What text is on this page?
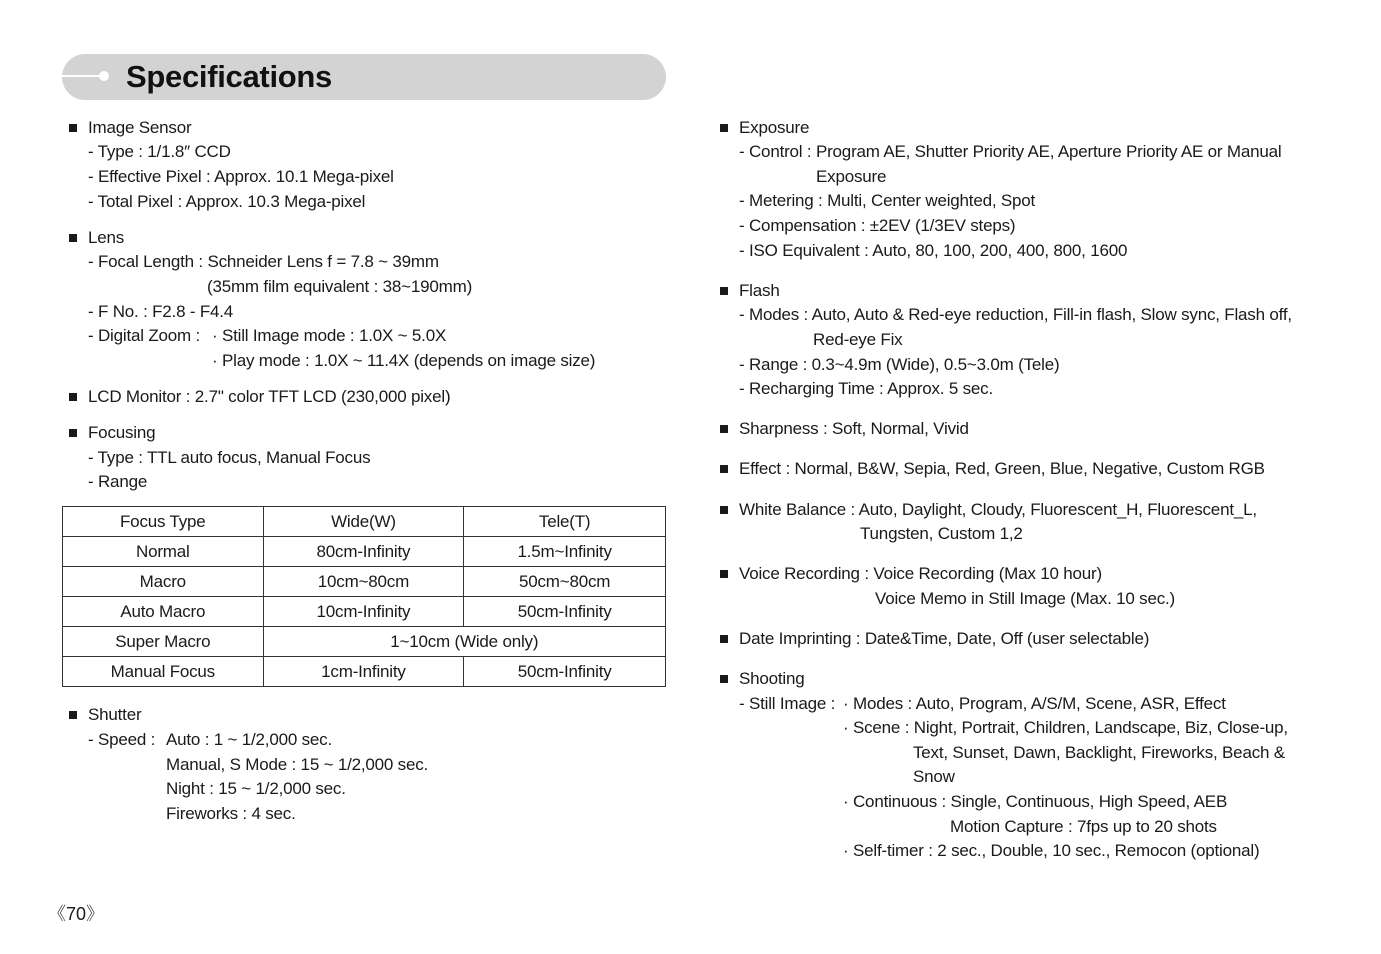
Specifications
Image Sensor
- Type : 1/1.8″ CCD
- Effective Pixel : Approx. 10.1 Mega-pixel
- Total Pixel : Approx. 10.3 Mega-pixel
Lens
- Focal Length : Schneider Lens f = 7.8 ~ 39mm
(35mm film equivalent : 38~190mm)
- F No. : F2.8 - F4.4
- Digital Zoom : · Still Image mode : 1.0X ~ 5.0X
· Play mode : 1.0X ~ 11.4X (depends on image size)
LCD Monitor : 2.7" color TFT LCD (230,000 pixel)
Focusing
- Type : TTL auto focus, Manual Focus
- Range
Focus Type	Wide(W)	Tele(T)
Normal	80cm-Infinity	1.5m~Infinity
Macro	10cm~80cm	50cm~80cm
Auto Macro	10cm-Infinity	50cm-Infinity
Super Macro	1~10cm (Wide only)	
Manual Focus	1cm-Infinity	50cm-Infinity
Shutter
- Speed : Auto : 1 ~ 1/2,000 sec.
Manual, S Mode : 15 ~ 1/2,000 sec.
Night : 15 ~ 1/2,000 sec.
Fireworks : 4 sec.
《70》
Exposure
- Control : Program AE, Shutter Priority AE, Aperture Priority AE or Manual
Exposure
- Metering : Multi, Center weighted, Spot
- Compensation : ±2EV (1/3EV steps)
- ISO Equivalent : Auto, 80, 100, 200, 400, 800, 1600
Flash
- Modes : Auto, Auto & Red-eye reduction, Fill-in flash, Slow sync, Flash off,
Red-eye Fix
- Range : 0.3~4.9m (Wide), 0.5~3.0m (Tele)
- Recharging Time : Approx. 5 sec.
Sharpness : Soft, Normal, Vivid
Effect : Normal, B&W, Sepia, Red, Green, Blue, Negative, Custom RGB
White Balance : Auto, Daylight, Cloudy, Fluorescent_H, Fluorescent_L,
Tungsten, Custom 1,2
Voice Recording : Voice Recording (Max 10 hour)
Voice Memo in Still Image (Max. 10 sec.)
Date Imprinting : Date&Time, Date, Off (user selectable)
Shooting
- Still Image : · Modes : Auto, Program, A/S/M, Scene, ASR, Effect
· Scene : Night, Portrait, Children, Landscape, Biz, Close-up,
Text, Sunset, Dawn, Backlight, Fireworks, Beach &
Snow
· Continuous : Single, Continuous, High Speed, AEB
Motion Capture : 7fps up to 20 shots
· Self-timer : 2 sec., Double, 10 sec., Remocon (optional)
